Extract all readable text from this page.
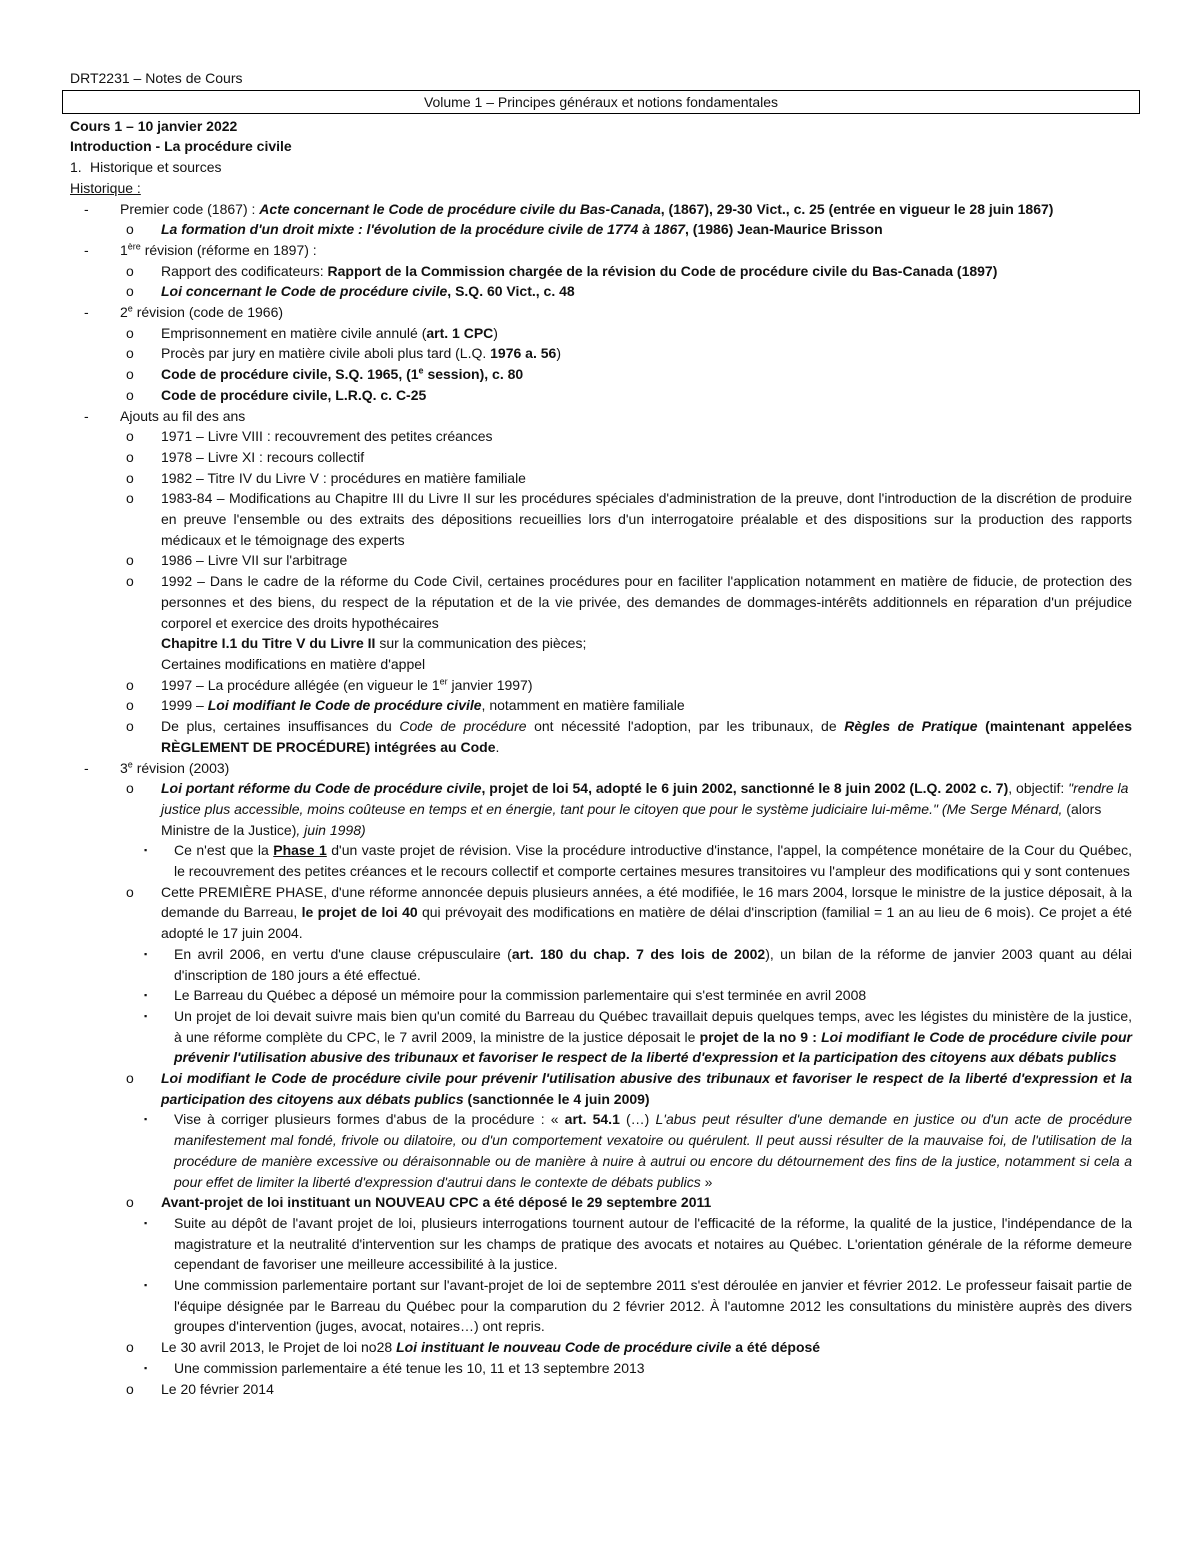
DRT2231 – Notes de Cours
Volume 1 – Principes généraux et notions fondamentales
Cours 1 – 10 janvier 2022
Introduction - La procédure civile
1. Historique et sources
Historique :
-	Premier code (1867) : Acte concernant le Code de procédure civile du Bas-Canada, (1867), 29-30 Vict., c. 25 (entrée en vigueur le 28 juin 1867)
o	La formation d'un droit mixte : l'évolution de la procédure civile de 1774 à 1867, (1986) Jean-Maurice Brisson
-	1ère révision (réforme en 1897) :
o	Rapport des codificateurs: Rapport de la Commission chargée de la révision du Code de procédure civile du Bas-Canada (1897)
o	Loi concernant le Code de procédure civile, S.Q. 60 Vict., c. 48
-	2e révision (code de 1966)
o	Emprisonnement en matière civile annulé (art. 1 CPC)
o	Procès par jury en matière civile aboli plus tard (L.Q. 1976 a. 56)
o	Code de procédure civile, S.Q. 1965, (1e session), c. 80
o	Code de procédure civile, L.R.Q. c. C-25
-	Ajouts au fil des ans
o	1971 – Livre VIII : recouvrement des petites créances
o	1978 – Livre XI : recours collectif
o	1982 – Titre IV du Livre V : procédures en matière familiale
o	1983-84 – Modifications au Chapitre III du Livre II sur les procédures spéciales d'administration de la preuve, dont l'introduction de la discrétion de produire en preuve l'ensemble ou des extraits des dépositions recueillies lors d'un interrogatoire préalable et des dispositions sur la production des rapports médicaux et le témoignage des experts
o	1986 – Livre VII sur l'arbitrage
o 1992 – Dans le cadre de la réforme du Code Civil, certaines procédures pour en faciliter l'application notamment en matière de fiducie, de protection des personnes et des biens, du respect de la réputation et de la vie privée, des demandes de dommages-intérêts additionnels en réparation d'un préjudice corporel et exercice des droits hypothécaires
Chapitre I.1 du Titre V du Livre II sur la communication des pièces;
Certaines modifications en matière d'appel
o	1997 – La procédure allégée (en vigueur le 1er janvier 1997)
o	1999 – Loi modifiant le Code de procédure civile, notamment en matière familiale
o	De plus, certaines insuffisances du Code de procédure ont nécessité l'adoption, par les tribunaux, de Règles de Pratique (maintenant appelées RÈGLEMENT DE PROCÉDURE) intégrées au Code.
-	3e révision (2003)
o	Loi portant réforme du Code de procédure civile, projet de loi 54, adopté le 6 juin 2002, sanctionné le 8 juin 2002 (L.Q. 2002 c. 7), objectif: "rendre la justice plus accessible, moins coûteuse en temps et en énergie, tant pour le citoyen que pour le système judiciaire lui-même." (Me Serge Ménard, (alors Ministre de la Justice), juin 1998)
▪	Ce n'est que la Phase 1 d'un vaste projet de révision. Vise la procédure introductive d'instance, l'appel, la compétence monétaire de la Cour du Québec, le recouvrement des petites créances et le recours collectif et comporte certaines mesures transitoires vu l'ampleur des modifications qui y sont contenues
o	Cette PREMIÈRE PHASE, d'une réforme annoncée depuis plusieurs années, a été modifiée, le 16 mars 2004, lorsque le ministre de la justice déposait, à la demande du Barreau, le projet de loi 40 qui prévoyait des modifications en matière de délai d'inscription (familial = 1 an au lieu de 6 mois). Ce projet a été adopté le 17 juin 2004.
▪	En avril 2006, en vertu d'une clause crépusculaire (art. 180 du chap. 7 des lois de 2002), un bilan de la réforme de janvier 2003 quant au délai d'inscription de 180 jours a été effectué.
▪	Le Barreau du Québec a déposé un mémoire pour la commission parlementaire qui s'est terminée en avril 2008
▪	Un projet de loi devait suivre mais bien qu'un comité du Barreau du Québec travaillait depuis quelques temps, avec les légistes du ministère de la justice, à une réforme complète du CPC, le 7 avril 2009, la ministre de la justice déposait le projet de la no 9 : Loi modifiant le Code de procédure civile pour prévenir l'utilisation abusive des tribunaux et favoriser le respect de la liberté d'expression et la participation des citoyens aux débats publics
o	Loi modifiant le Code de procédure civile pour prévenir l'utilisation abusive des tribunaux et favoriser le respect de la liberté d'expression et la participation des citoyens aux débats publics (sanctionnée le 4 juin 2009)
▪	Vise à corriger plusieurs formes d'abus de la procédure : « art. 54.1 (…) L'abus peut résulter d'une demande en justice ou d'un acte de procédure manifestement mal fondé, frivole ou dilatoire, ou d'un comportement vexatoire ou quérulent. Il peut aussi résulter de la mauvaise foi, de l'utilisation de la procédure de manière excessive ou déraisonnable ou de manière à nuire à autrui ou encore du détournement des fins de la justice, notamment si cela a pour effet de limiter la liberté d'expression d'autrui dans le contexte de débats publics »
o	Avant-projet de loi instituant un NOUVEAU CPC a été déposé le 29 septembre 2011
▪	Suite au dépôt de l'avant projet de loi, plusieurs interrogations tournent autour de l'efficacité de la réforme, la qualité de la justice, l'indépendance de la magistrature et la neutralité d'intervention sur les champs de pratique des avocats et notaires au Québec. L'orientation générale de la réforme demeure cependant de favoriser une meilleure accessibilité à la justice.
▪	Une commission parlementaire portant sur l'avant-projet de loi de septembre 2011 s'est déroulée en janvier et février 2012. Le professeur faisait partie de l'équipe désignée par le Barreau du Québec pour la comparution du 2 février 2012. À l'automne 2012 les consultations du ministère auprès des divers groupes d'intervention (juges, avocat, notaires…) ont repris.
o	Le 30 avril 2013, le Projet de loi no28 Loi instituant le nouveau Code de procédure civile a été déposé
▪	Une commission parlementaire a été tenue les 10, 11 et 13 septembre 2013
o	Le 20 février 2014
